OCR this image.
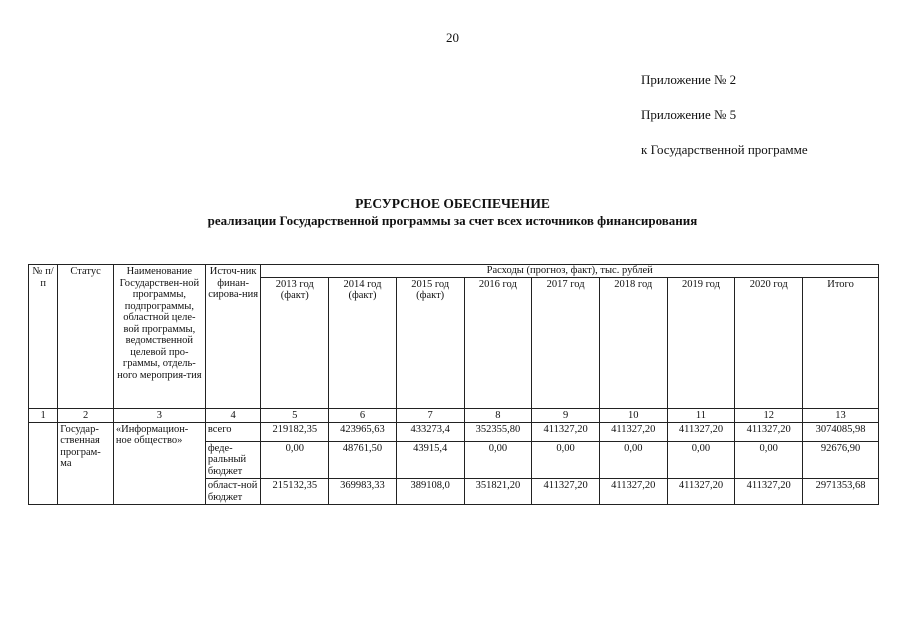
20
Приложение № 2
Приложение № 5
к Государственной программе
РЕСУРСНОЕ ОБЕСПЕЧЕНИЕ
реализации Государственной программы за счет всех источников финансирования
№ п/п	Статус	Наименование Государствен-ной программы, подпрограммы, областной целе-вой программы, ведомственной целевой про-граммы, отдель-ного мероприя-тия	Источ-ник финан-сирова-ния	Расходы (прогноз, факт), тыс. рублей								
				2013 год (факт)	2014 год (факт)	2015 год (факт)	2016 год	2017 год	2018 год	2019 год	2020 год	Итого
1	2	3	4	5	6	7	8	9	10	11	12	13
	Государ-ственная програм-ма	«Информацион-ное общество»	всего	219182,35	423965,63	433273,4	352355,80	411327,20	411327,20	411327,20	411327,20	3074085,98
			феде-ральный бюджет	0,00	48761,50	43915,4	0,00	0,00	0,00	0,00	0,00	92676,90
			област-ной бюджет	215132,35	369983,33	389108,0	351821,20	411327,20	411327,20	411327,20	411327,20	2971353,68
